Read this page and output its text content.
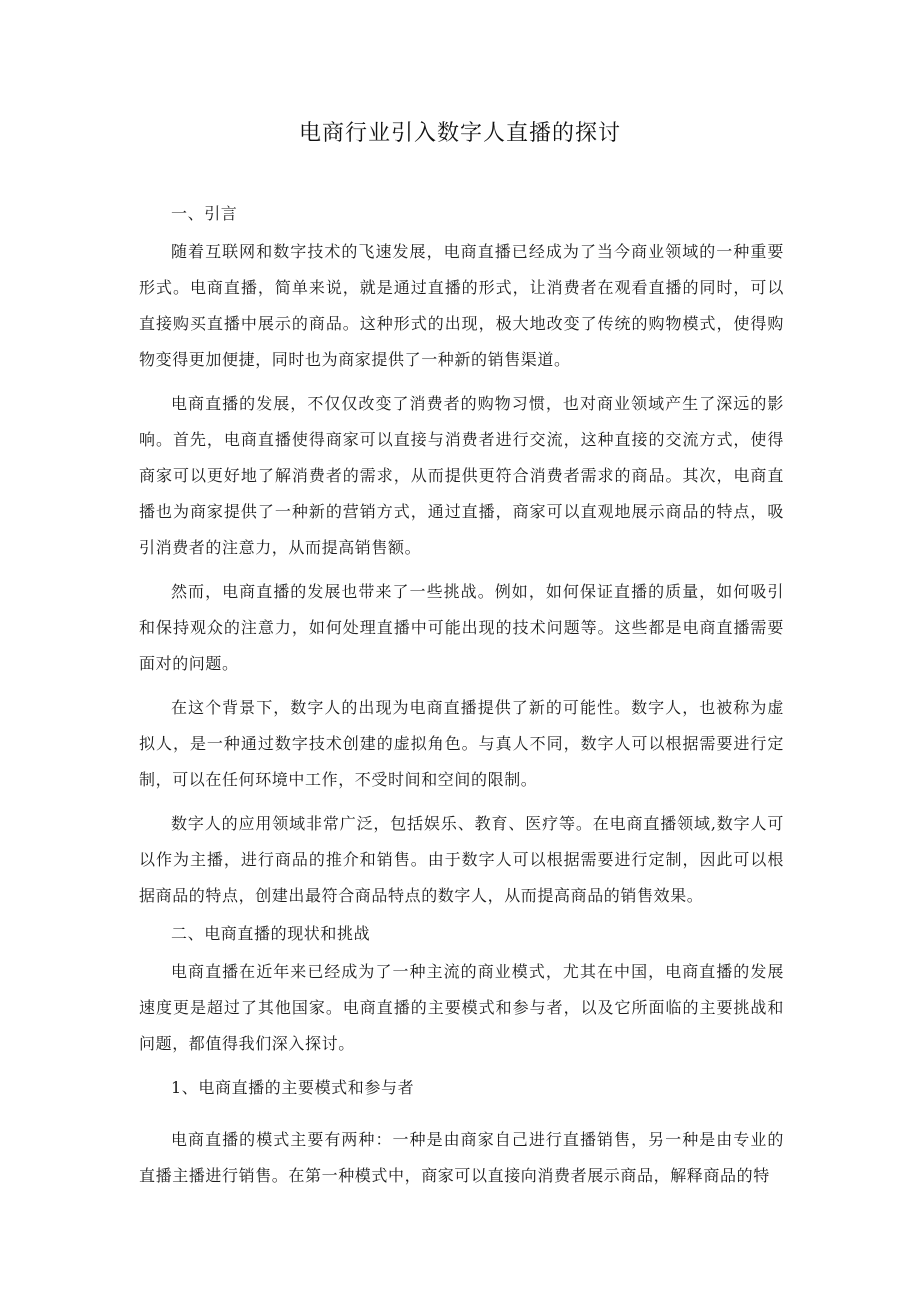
电商行业引入数字人直播的探讨

一、引言

随着互联网和数字技术的飞速发展，电商直播已经成为了当今商业领域的一种重要形式。电商直播，简单来说，就是通过直播的形式，让消费者在观看直播的同时，可以直接购买直播中展示的商品。这种形式的出现，极大地改变了传统的购物模式，使得购物变得更加便捷，同时也为商家提供了一种新的销售渠道。

电商直播的发展，不仅仅改变了消费者的购物习惯，也对商业领域产生了深远的影响。首先，电商直播使得商家可以直接与消费者进行交流，这种直接的交流方式，使得商家可以更好地了解消费者的需求，从而提供更符合消费者需求的商品。其次，电商直播也为商家提供了一种新的营销方式，通过直播，商家可以直观地展示商品的特点，吸引消费者的注意力，从而提高销售额。

然而，电商直播的发展也带来了一些挑战。例如，如何保证直播的质量，如何吸引和保持观众的注意力，如何处理直播中可能出现的技术问题等。这些都是电商直播需要面对的问题。

在这个背景下，数字人的出现为电商直播提供了新的可能性。数字人，也被称为虚拟人，是一种通过数字技术创建的虚拟角色。与真人不同，数字人可以根据需要进行定制，可以在任何环境中工作，不受时间和空间的限制。

数字人的应用领域非常广泛，包括娱乐、教育、医疗等。在电商直播领域,数字人可以作为主播，进行商品的推介和销售。由于数字人可以根据需要进行定制，因此可以根据商品的特点，创建出最符合商品特点的数字人，从而提高商品的销售效果。

二、电商直播的现状和挑战

电商直播在近年来已经成为了一种主流的商业模式，尤其在中国，电商直播的发展速度更是超过了其他国家。电商直播的主要模式和参与者，以及它所面临的主要挑战和问题，都值得我们深入探讨。

1、电商直播的主要模式和参与者

电商直播的模式主要有两种：一种是由商家自己进行直播销售，另一种是由专业的直播主播进行销售。在第一种模式中，商家可以直接向消费者展示商品，解释商品的特
